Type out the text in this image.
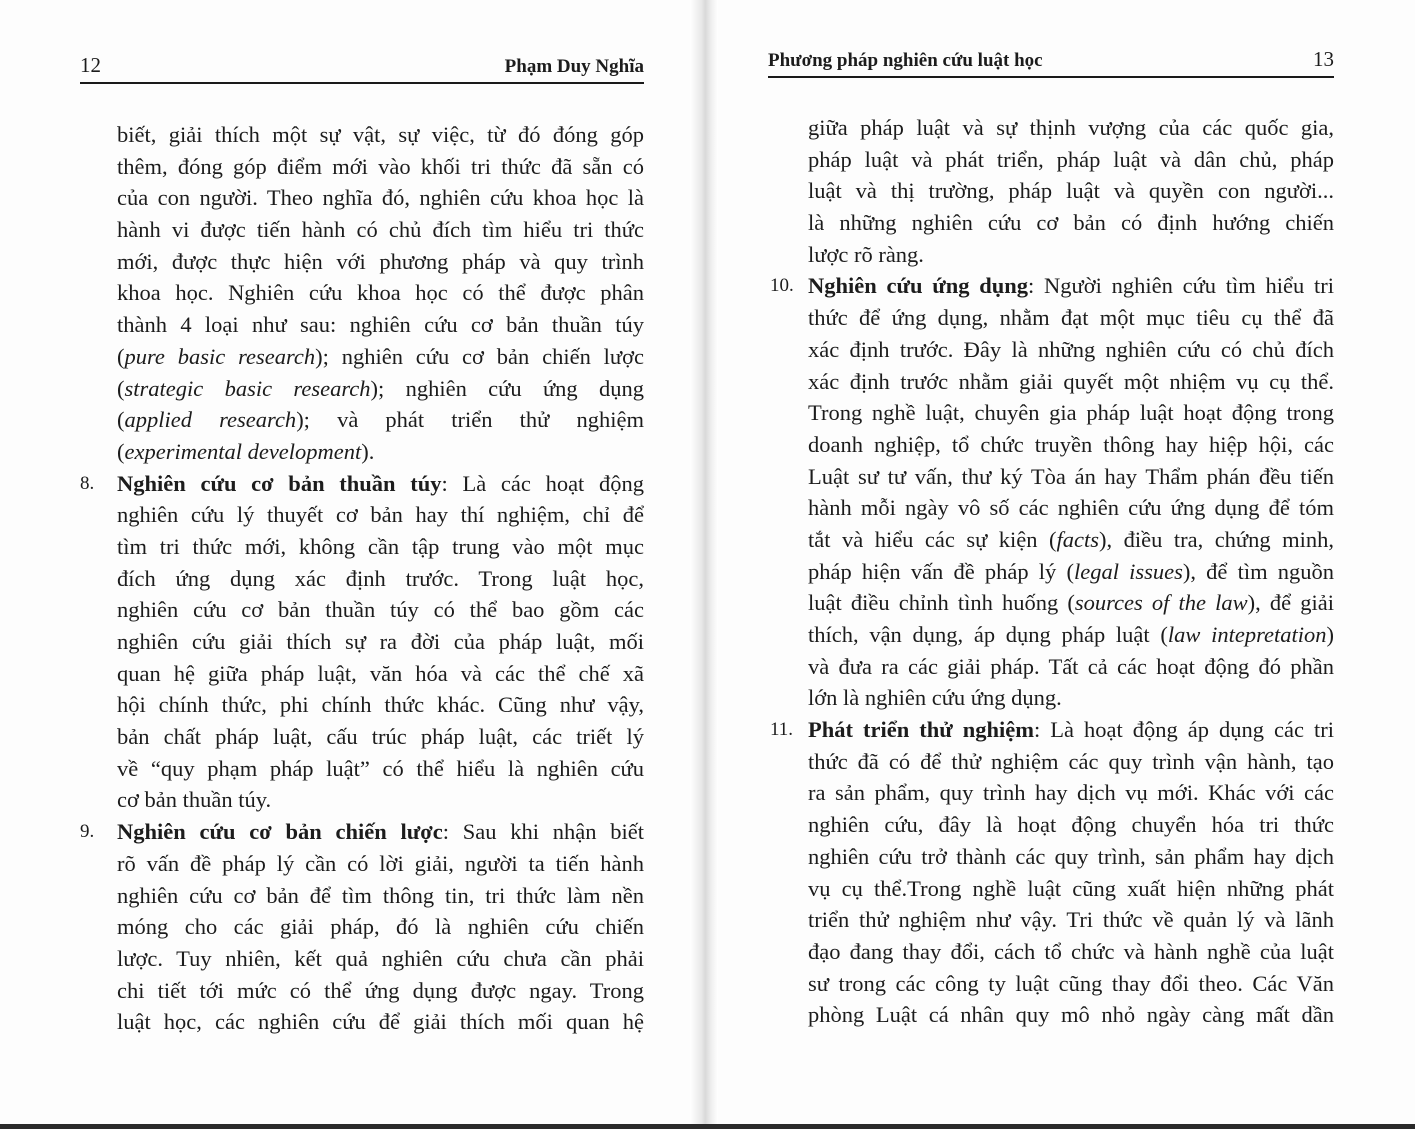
12	Phạm Duy Nghĩa
biết, giải thích một sự vật, sự việc, từ đó đóng góp
thêm, đóng góp điểm mới vào khối tri thức đã sẵn có
của con người. Theo nghĩa đó, nghiên cứu khoa học là
hành vi được tiến hành có chủ đích tìm hiểu tri thức
mới, được thực hiện với phương pháp và quy trình
khoa học. Nghiên cứu khoa học có thể được phân
thành 4 loại như sau: nghiên cứu cơ bản thuần túy
(pure basic research); nghiên cứu cơ bản chiến lược
(strategic basic research); nghiên cứu ứng dụng
(applied research); và phát triển thử nghiệm
(experimental development).
8. Nghiên cứu cơ bản thuần túy: Là các hoạt động
nghiên cứu lý thuyết cơ bản hay thí nghiệm, chỉ để
tìm tri thức mới, không cần tập trung vào một mục
đích ứng dụng xác định trước. Trong luật học,
nghiên cứu cơ bản thuần túy có thể bao gồm các
nghiên cứu giải thích sự ra đời của pháp luật, mối
quan hệ giữa pháp luật, văn hóa và các thể chế xã
hội chính thức, phi chính thức khác. Cũng như vậy,
bản chất pháp luật, cấu trúc pháp luật, các triết lý
về “quy phạm pháp luật” có thể hiểu là nghiên cứu
cơ bản thuần túy.
9. Nghiên cứu cơ bản chiến lược: Sau khi nhận biết
rõ vấn đề pháp lý cần có lời giải, người ta tiến hành
nghiên cứu cơ bản để tìm thông tin, tri thức làm nền
móng cho các giải pháp, đó là nghiên cứu chiến
lược. Tuy nhiên, kết quả nghiên cứu chưa cần phải
chi tiết tới mức có thể ứng dụng được ngay. Trong
luật học, các nghiên cứu để giải thích mối quan hệ
Phương pháp nghiên cứu luật học	13
giữa pháp luật và sự thịnh vượng của các quốc gia,
pháp luật và phát triển, pháp luật và dân chủ, pháp
luật và thị trường, pháp luật và quyền con người...
là những nghiên cứu cơ bản có định hướng chiến
lược rõ ràng.
10. Nghiên cứu ứng dụng: Người nghiên cứu tìm hiểu tri
thức để ứng dụng, nhằm đạt một mục tiêu cụ thể đã
xác định trước. Đây là những nghiên cứu có chủ đích
xác định trước nhằm giải quyết một nhiệm vụ cụ thể.
Trong nghề luật, chuyên gia pháp luật hoạt động trong
doanh nghiệp, tổ chức truyền thông hay hiệp hội, các
Luật sư tư vấn, thư ký Tòa án hay Thẩm phán đều tiến
hành mỗi ngày vô số các nghiên cứu ứng dụng để tóm
tắt và hiểu các sự kiện (facts), điều tra, chứng minh,
pháp hiện vấn đề pháp lý (legal issues), để tìm nguồn
luật điều chỉnh tình huống (sources of the law), để giải
thích, vận dụng, áp dụng pháp luật (law intepretation)
và đưa ra các giải pháp. Tất cả các hoạt động đó phần
lớn là nghiên cứu ứng dụng.
11. Phát triển thử nghiệm: Là hoạt động áp dụng các tri
thức đã có để thử nghiệm các quy trình vận hành, tạo
ra sản phẩm, quy trình hay dịch vụ mới. Khác với các
nghiên cứu, đây là hoạt động chuyển hóa tri thức
nghiên cứu trở thành các quy trình, sản phẩm hay dịch
vụ cụ thể.Trong nghề luật cũng xuất hiện những phát
triển thử nghiệm như vậy. Tri thức về quản lý và lãnh
đạo đang thay đổi, cách tổ chức và hành nghề của luật
sư trong các công ty luật cũng thay đổi theo. Các Văn
phòng Luật cá nhân quy mô nhỏ ngày càng mất dần
